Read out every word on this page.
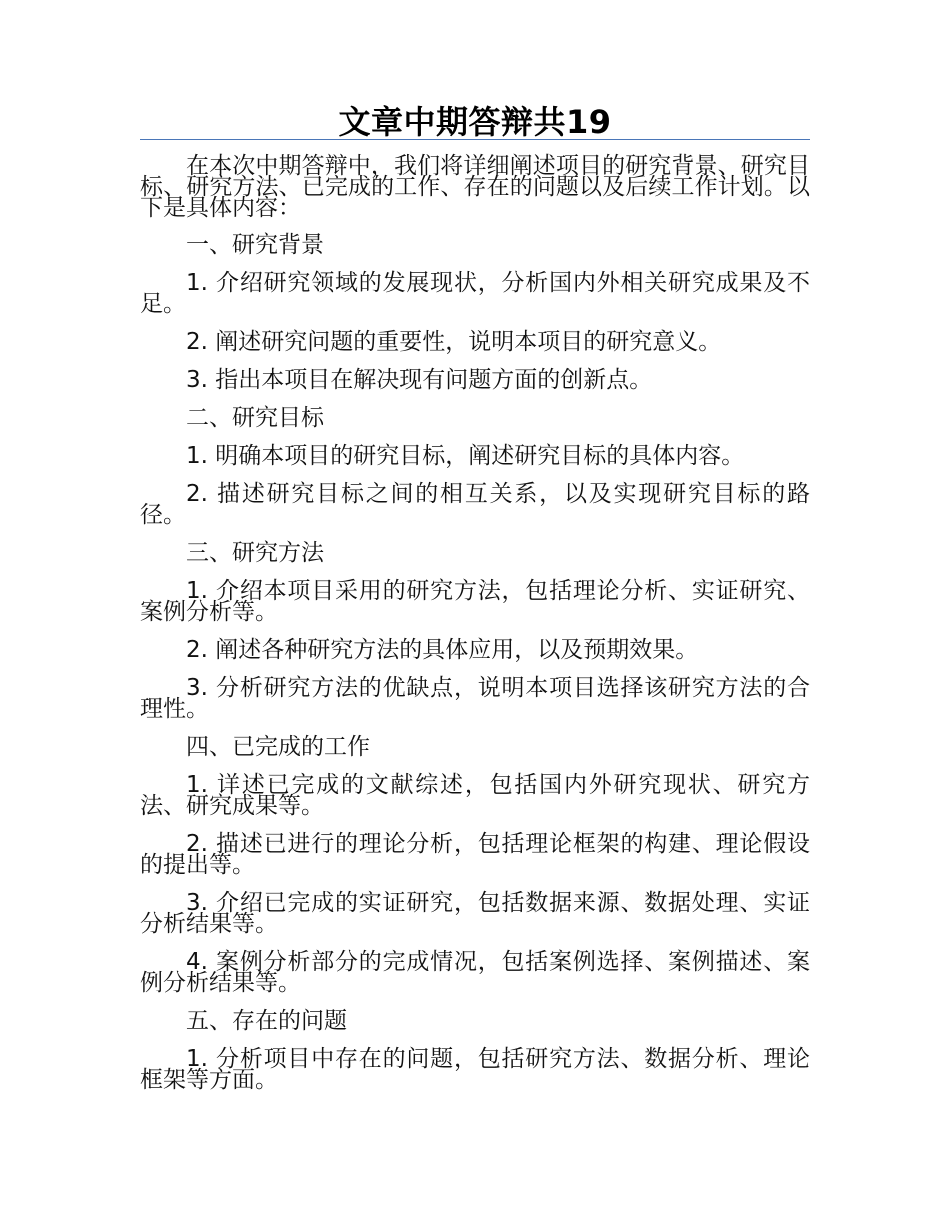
文章中期答辩共19

在本次中期答辩中，我们将详细阐述项目的研究背景、研究目标、研究方法、已完成的工作、存在的问题以及后续工作计划。以下是具体内容：

一、研究背景

1. 介绍研究领域的发展现状，分析国内外相关研究成果及不足。

2. 阐述研究问题的重要性，说明本项目的研究意义。

3. 指出本项目在解决现有问题方面的创新点。

二、研究目标

1. 明确本项目的研究目标，阐述研究目标的具体内容。

2. 描述研究目标之间的相互关系，以及实现研究目标的路径。

三、研究方法

1. 介绍本项目采用的研究方法，包括理论分析、实证研究、案例分析等。

2. 阐述各种研究方法的具体应用，以及预期效果。

3. 分析研究方法的优缺点，说明本项目选择该研究方法的合理性。

四、已完成的工作

1. 详述已完成的文献综述，包括国内外研究现状、研究方法、研究成果等。

2. 描述已进行的理论分析，包括理论框架的构建、理论假设的提出等。

3. 介绍已完成的实证研究，包括数据来源、数据处理、实证分析结果等。

4. 案例分析部分的完成情况，包括案例选择、案例描述、案例分析结果等。

五、存在的问题

1. 分析项目中存在的问题，包括研究方法、数据分析、理论框架等方面。
